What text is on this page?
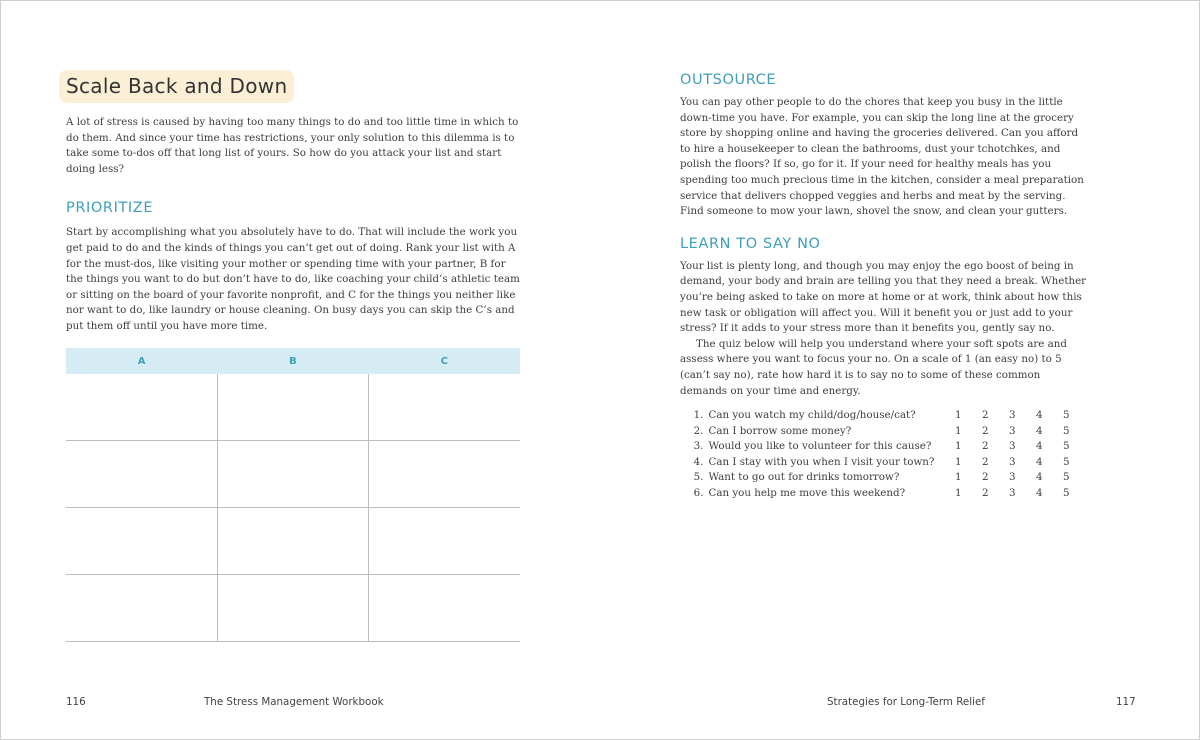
Scale Back and Down

A lot of stress is caused by having too many things to do and too little time in which to do them. And since your time has restrictions, your only solution to this dilemma is to take some to-dos off that long list of yours. So how do you attack your list and start doing less?

PRIORITIZE

Start by accomplishing what you absolutely have to do. That will include the work you get paid to do and the kinds of things you can’t get out of doing. Rank your list with A for the must-dos, like visiting your mother or spending time with your partner, B for the things you want to do but don’t have to do, like coaching your child’s athletic team or sitting on the board of your favorite nonprofit, and C for the things you neither like nor want to do, like laundry or house cleaning. On busy days you can skip the C’s and put them off until you have more time.

A	B	C

OUTSOURCE

You can pay other people to do the chores that keep you busy in the little down-time you have. For example, you can skip the long line at the grocery store by shopping online and having the groceries delivered. Can you afford to hire a housekeeper to clean the bathrooms, dust your tchotchkes, and polish the floors? If so, go for it. If your need for healthy meals has you spending too much precious time in the kitchen, consider a meal preparation service that delivers chopped veggies and herbs and meat by the serving. Find someone to mow your lawn, shovel the snow, and clean your gutters.

LEARN TO SAY NO

Your list is plenty long, and though you may enjoy the ego boost of being in demand, your body and brain are telling you that they need a break. Whether you’re being asked to take on more at home or at work, think about how this new task or obligation will affect you. Will it benefit you or just add to your stress? If it adds to your stress more than it benefits you, gently say no.

The quiz below will help you understand where your soft spots are and assess where you want to focus your no. On a scale of 1 (an easy no) to 5 (can’t say no), rate how hard it is to say no to some of these common demands on your time and energy.

1. Can you watch my child/dog/house/cat?	1	2	3	4	5
2. Can I borrow some money?	1	2	3	4	5
3. Would you like to volunteer for this cause?	1	2	3	4	5
4. Can I stay with you when I visit your town?	1	2	3	4	5
5. Want to go out for drinks tomorrow?	1	2	3	4	5
6. Can you help me move this weekend?	1	2	3	4	5
116	The Stress Management Workbook	Strategies for Long-Term Relief	117
